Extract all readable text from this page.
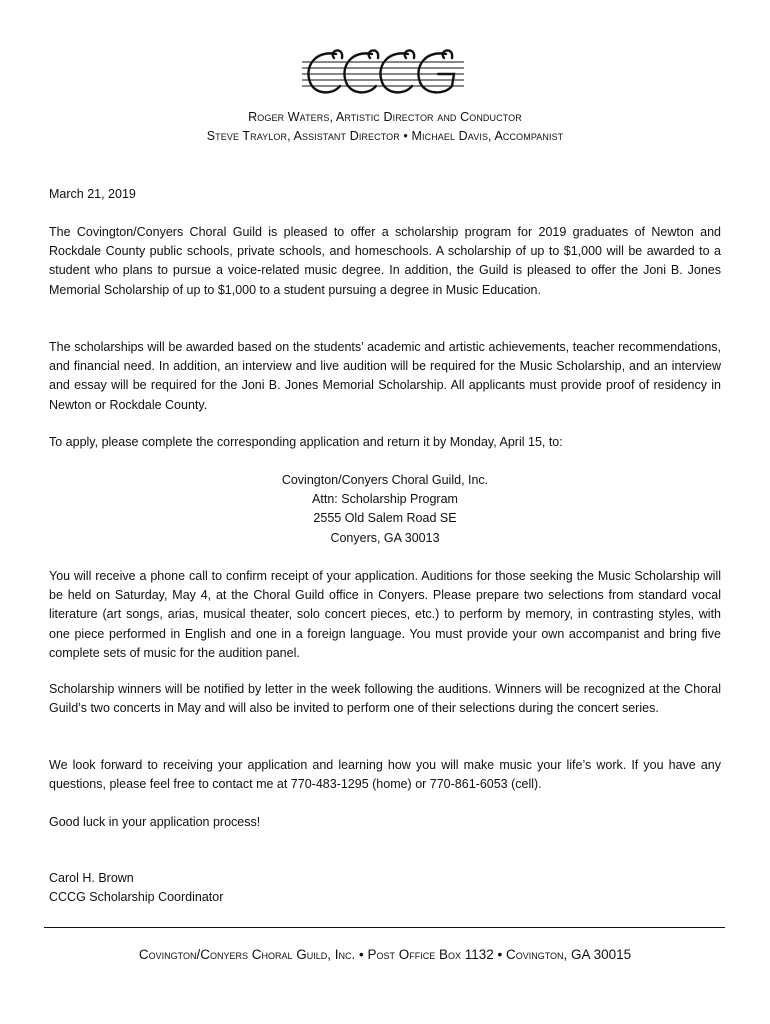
Roger Waters, Artistic Director and Conductor
Steve Traylor, Assistant Director • Michael Davis, Accompanist

March 21, 2019

The Covington/Conyers Choral Guild is pleased to offer a scholarship program for 2019 graduates of Newton and Rockdale County public schools, private schools, and homeschools. A scholarship of up to $1,000 will be awarded to a student who plans to pursue a voice-related music degree. In addition, the Guild is pleased to offer the Joni B. Jones Memorial Scholarship of up to $1,000 to a student pursuing a degree in Music Education.

The scholarships will be awarded based on the students’ academic and artistic achievements, teacher recommendations, and financial need. In addition, an interview and live audition will be required for the Music Scholarship, and an interview and essay will be required for the Joni B. Jones Memorial Scholarship. All applicants must provide proof of residency in Newton or Rockdale County.

To apply, please complete the corresponding application and return it by Monday, April 15, to:

Covington/Conyers Choral Guild, Inc.
Attn: Scholarship Program
2555 Old Salem Road SE
Conyers, GA 30013

You will receive a phone call to confirm receipt of your application. Auditions for those seeking the Music Scholarship will be held on Saturday, May 4, at the Choral Guild office in Conyers. Please prepare two selections from standard vocal literature (art songs, arias, musical theater, solo concert pieces, etc.) to perform by memory, in contrasting styles, with one piece performed in English and one in a foreign language. You must provide your own accompanist and bring five complete sets of music for the audition panel.

Scholarship winners will be notified by letter in the week following the auditions. Winners will be recognized at the Choral Guild’s two concerts in May and will also be invited to perform one of their selections during the concert series.

We look forward to receiving your application and learning how you will make music your life’s work. If you have any questions, please feel free to contact me at 770-483-1295 (home) or 770-861-6053 (cell).

Good luck in your application process!

Carol H. Brown
CCCG Scholarship Coordinator
Covington/Conyers Choral Guild, Inc. • Post Office Box 1132 • Covington, GA 30015
